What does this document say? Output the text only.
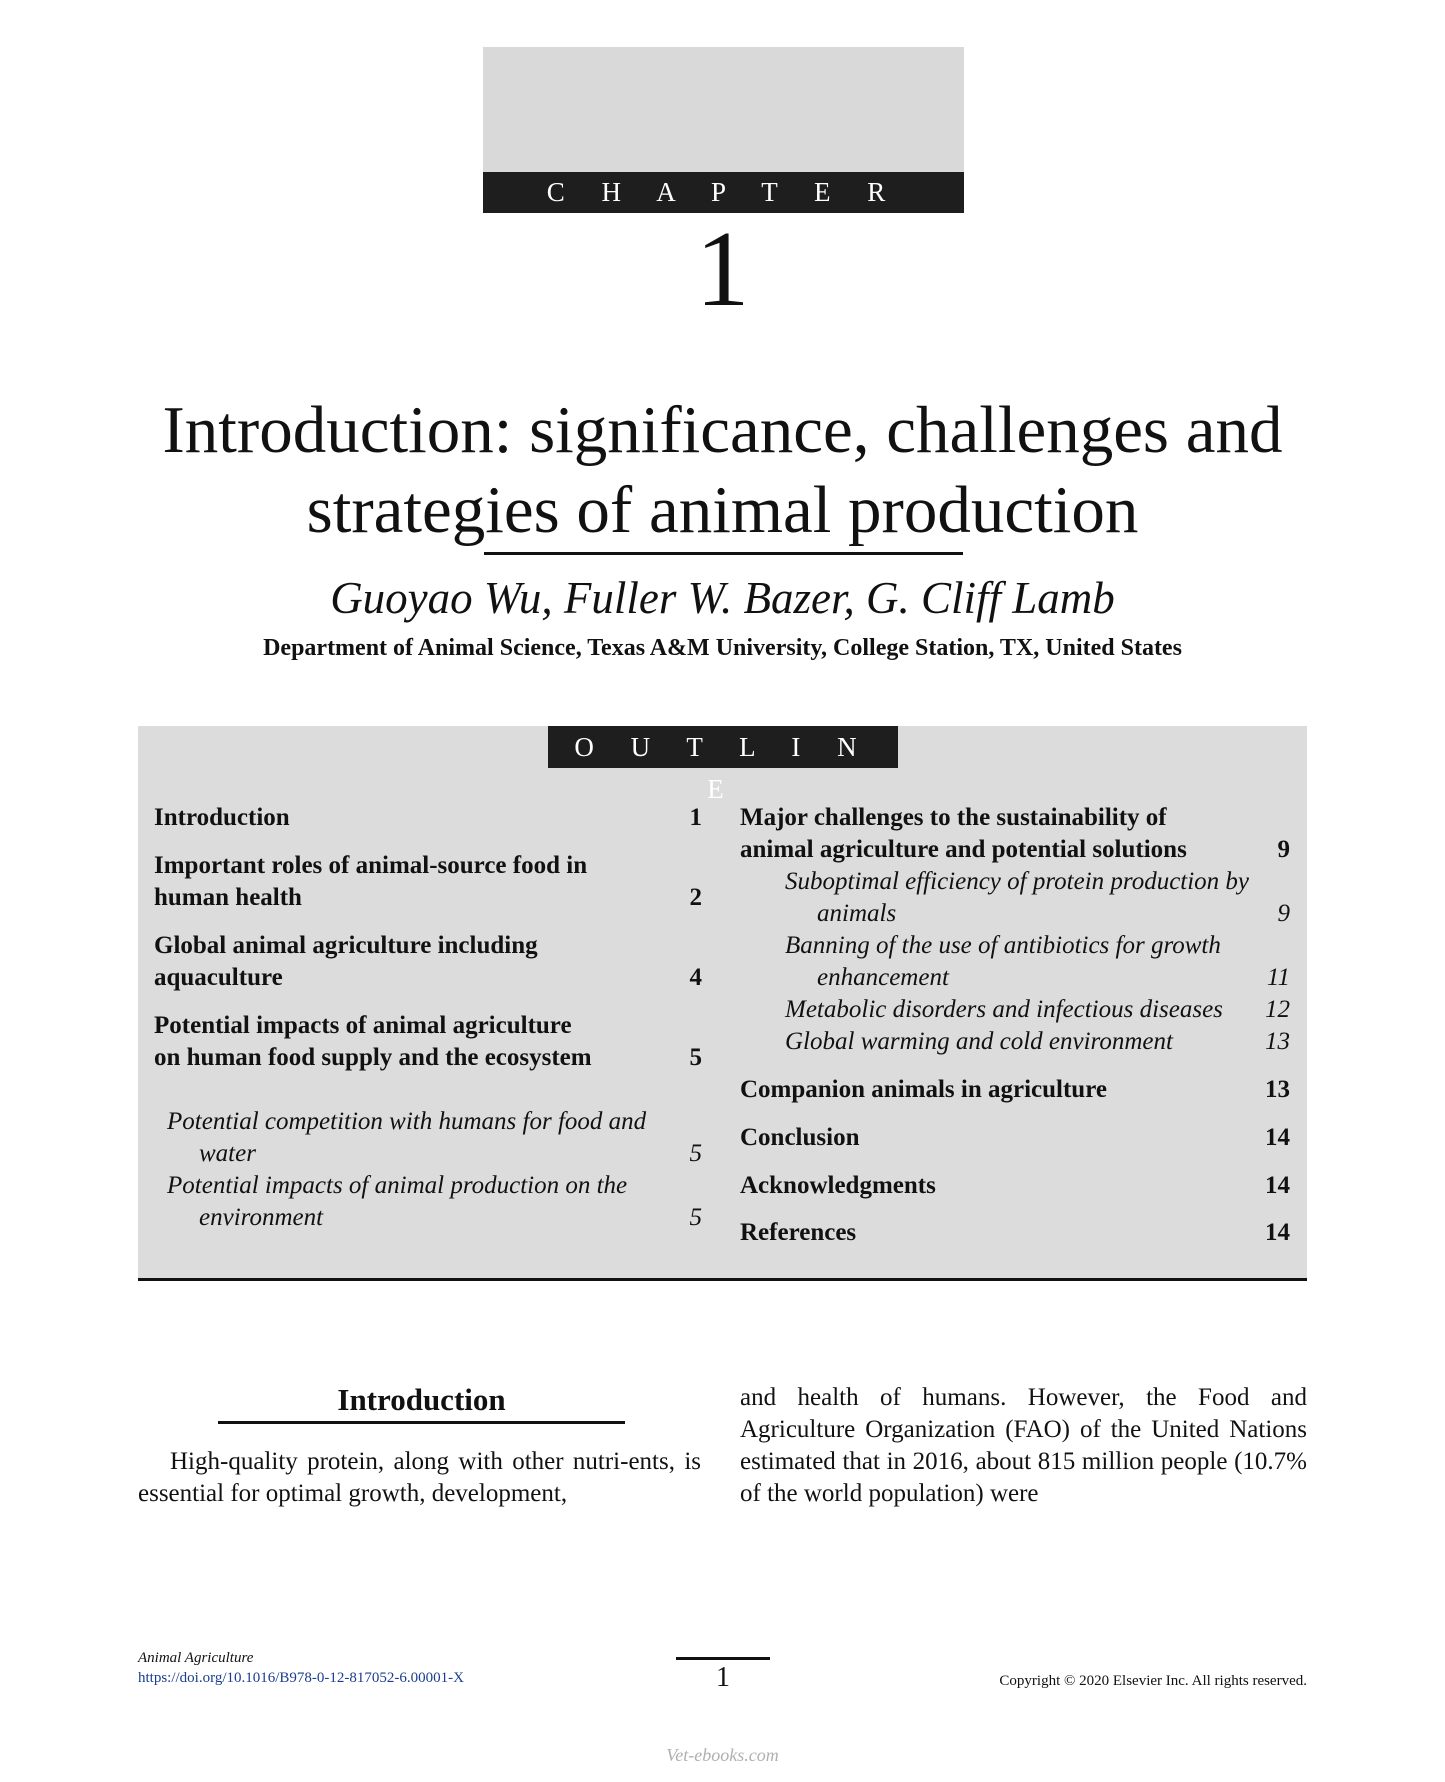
C H A P T E R
1
Introduction: significance, challenges and
strategies of animal production
Guoyao Wu, Fuller W. Bazer, G. Cliff Lamb
Department of Animal Science, Texas A&M University, College Station, TX, United States
O U T L I N E
Introduction	1
Important roles of animal-source food in human health	2
Global animal agriculture including aquaculture	4
Potential impacts of animal agriculture on human food supply and the ecosystem	5
Potential competition with humans for food and water	5
Potential impacts of animal production on the environment	5
Major challenges to the sustainability of animal agriculture and potential solutions	9
Suboptimal efficiency of protein production by animals	9
Banning of the use of antibiotics for growth enhancement	11
Metabolic disorders and infectious diseases	12
Global warming and cold environment	13
Companion animals in agriculture	13
Conclusion	14
Acknowledgments	14
References	14
Introduction
High-quality protein, along with other nutri-ents, is essential for optimal growth, development,
and health of humans. However, the Food and Agriculture Organization (FAO) of the United Nations estimated that in 2016, about 815 million people (10.7% of the world population) were
Animal Agriculture
https://doi.org/10.1016/B978-0-12-817052-6.00001-X	1	Copyright © 2020 Elsevier Inc. All rights reserved.
Vet-ebooks.com
